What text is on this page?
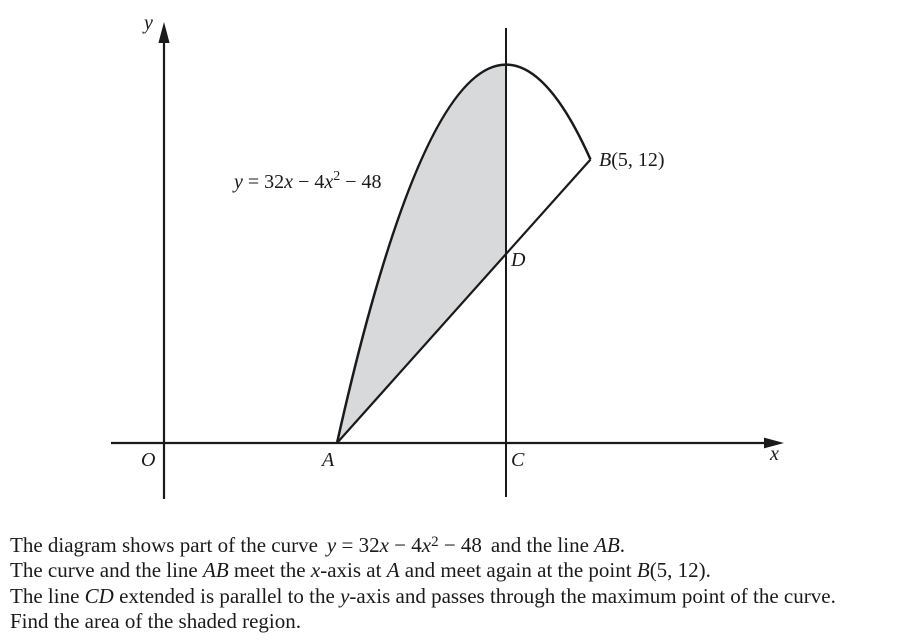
y
x
O	A	C
D
B(5, 12)
$y = 32x - 4x^2 - 48$

The diagram shows part of the curve $y = 32x - 4x^2 - 48$ and the line AB.

The curve and the line AB meet the x-axis at A and meet again at the point B(5, 12).

The line CD extended is parallel to the y-axis and passes through the maximum point of the curve.

Find the area of the shaded region.
